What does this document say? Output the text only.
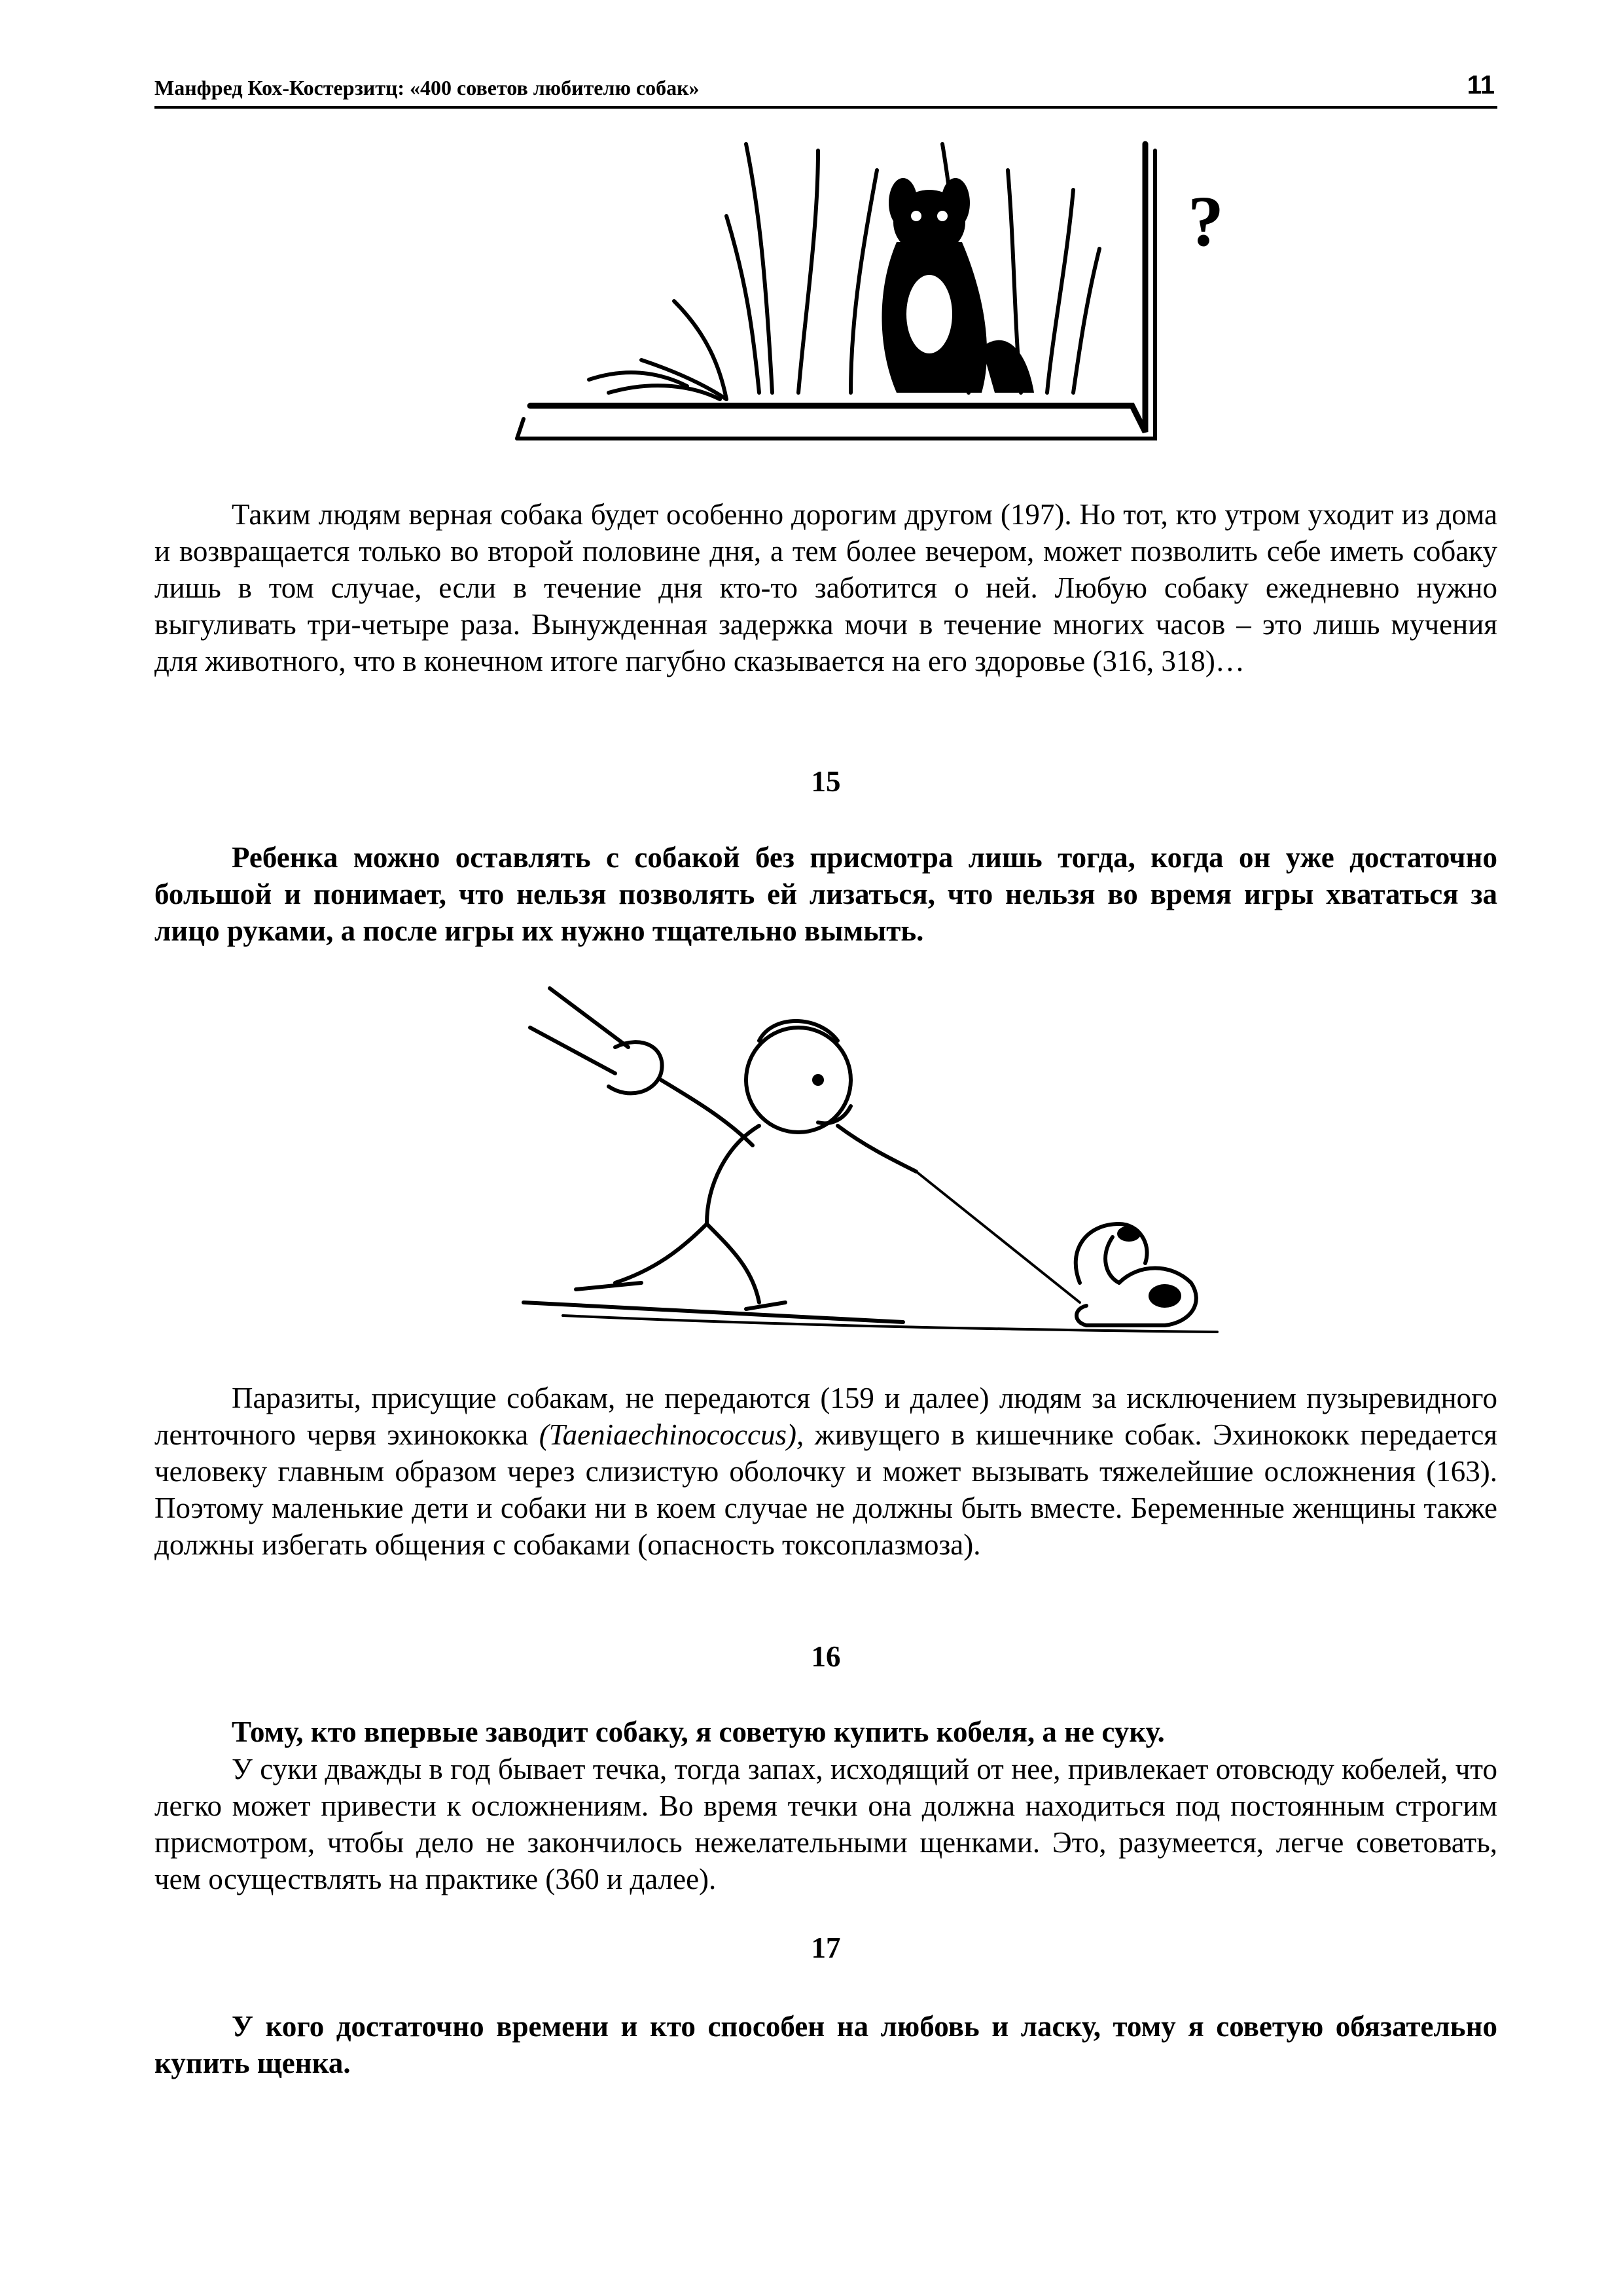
Манфред Кох-Костерзитц: «400 советов любителю собак»	11
?

Таким людям верная собака будет особенно дорогим другом (197). Но тот, кто утром уходит из дома и возвращается только во второй половине дня, а тем более вечером, может позволить себе иметь собаку лишь в том случае, если в течение дня кто-то заботится о ней. Любую собаку ежедневно нужно выгуливать три-четыре раза. Вынужденная задержка мочи в течение многих часов – это лишь мучения для животного, что в конечном итоге пагубно сказывается на его здоровье (316, 318)…

15

Ребенка можно оставлять с собакой без присмотра лишь тогда, когда он уже достаточно большой и понимает, что нельзя позволять ей лизаться, что нельзя во время игры хвататься за лицо руками, а после игры их нужно тщательно вымыть.

Паразиты, присущие собакам, не передаются (159 и далее) людям за исключением пузыревидного ленточного червя эхинококка (Taeniaechinococcus), живущего в кишечнике собак. Эхинококк передается человеку главным образом через слизистую оболочку и может вызывать тяжелейшие осложнения (163). Поэтому маленькие дети и собаки ни в коем случае не должны быть вместе. Беременные женщины также должны избегать общения с собаками (опасность токсоплазмоза).

16

Тому, кто впервые заводит собаку, я советую купить кобеля, а не суку.

У суки дважды в год бывает течка, тогда запах, исходящий от нее, привлекает отовсюду кобелей, что легко может привести к осложнениям. Во время течки она должна находиться под постоянным строгим присмотром, чтобы дело не закончилось нежелательными щенками. Это, разумеется, легче советовать, чем осуществлять на практике (360 и далее).

17

У кого достаточно времени и кто способен на любовь и ласку, тому я советую обязательно купить щенка.
